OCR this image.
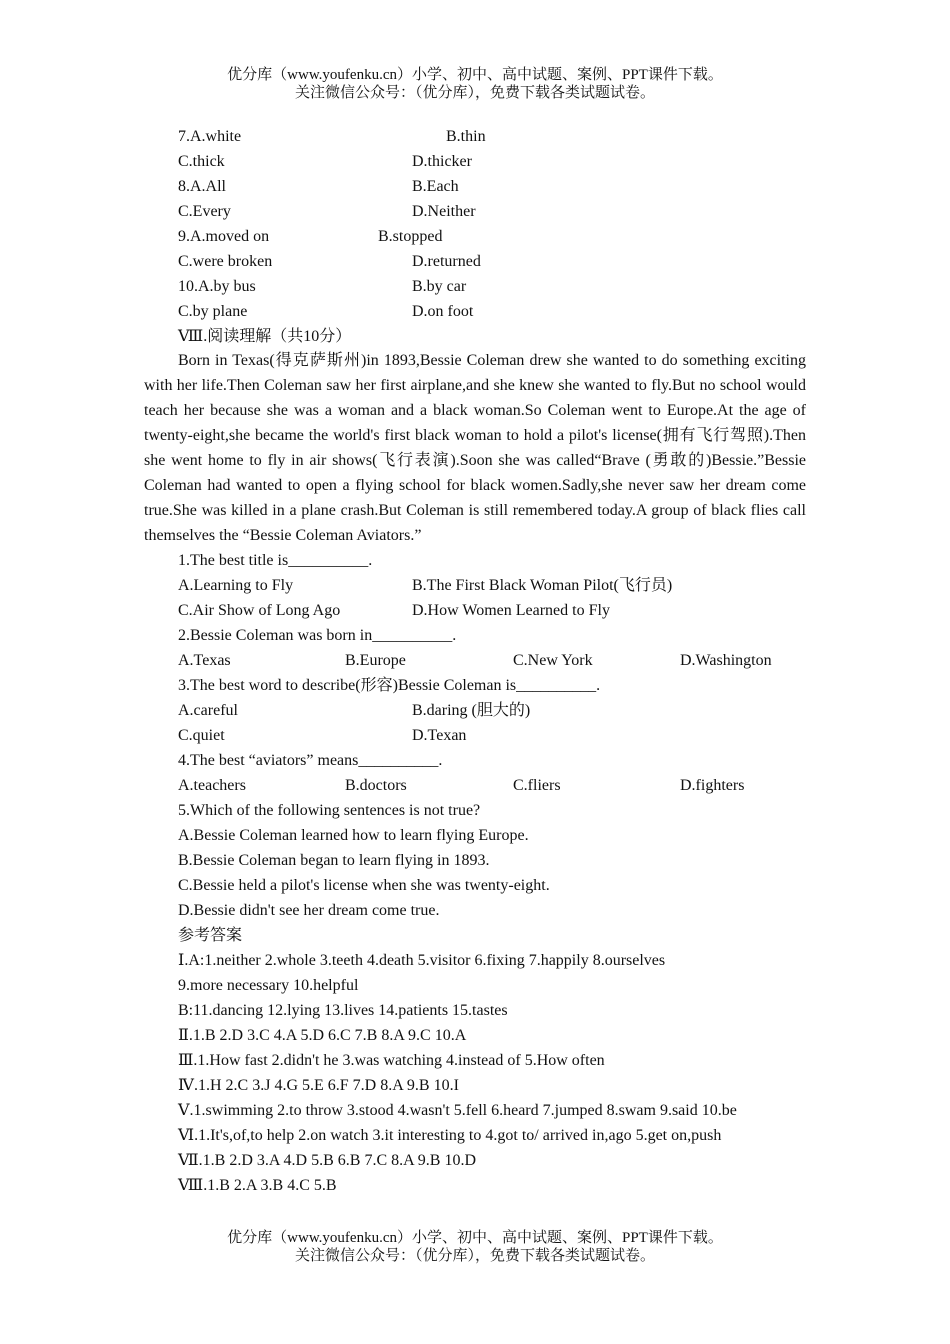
优分库（www.youfenku.cn）小学、初中、高中试题、案例、PPT课件下载。
关注微信公众号：（优分库），免费下载各类试题试卷。
7.A.white	B.thin
C.thick	D.thicker
8.A.All	B.Each
C.Every	D.Neither
9.A.moved on	B.stopped
C.were broken	D.returned
10.A.by bus	B.by car
C.by plane	D.on foot
Ⅷ.阅读理解（共10分）
Born in Texas(得克萨斯州)in 1893,Bessie Coleman drew she wanted to do something exciting with her life.Then Coleman saw her first airplane,and she knew she wanted to fly.But no school would teach her because she was a woman and a black woman.So Coleman went to Europe.At the age of twenty-eight,she became the world's first black woman to hold a pilot's license(拥有飞行驾照).Then she went home to fly in air shows(飞行表演).Soon she was called“Brave (勇敢的)Bessie.”Bessie Coleman had wanted to open a flying school for black women.Sadly,she never saw her dream come true.She was killed in a plane crash.But Coleman is still remembered today.A group of black flies call themselves the “Bessie Coleman Aviators.”
1.The best title is__________.
A.Learning to Fly	B.The First Black Woman Pilot(飞行员)
C.Air Show of Long Ago	D.How Women Learned to Fly
2.Bessie Coleman was born in__________.
A.Texas	B.Europe	C.New York	D.Washington
3.The best word to describe(形容)Bessie Coleman is__________.
A.careful	B.daring (胆大的)
C.quiet	D.Texan
4.The best “aviators” means__________.
A.teachers	B.doctors	C.fliers	D.fighters
5.Which of the following sentences is not true?
A.Bessie Coleman learned how to learn flying Europe.
B.Bessie Coleman began to learn flying in 1893.
C.Bessie held a pilot's license when she was twenty-eight.
D.Bessie didn't see her dream come true.
参考答案
Ⅰ.A:1.neither 2.whole 3.teeth 4.death 5.visitor 6.fixing 7.happily 8.ourselves
9.more necessary 10.helpful
B:11.dancing 12.lying 13.lives 14.patients 15.tastes
Ⅱ.1.B 2.D 3.C 4.A 5.D 6.C 7.B 8.A 9.C 10.A
Ⅲ.1.How fast 2.didn't he 3.was watching 4.instead of 5.How often
Ⅳ.1.H 2.C 3.J 4.G 5.E 6.F 7.D 8.A 9.B 10.I
Ⅴ.1.swimming 2.to throw 3.stood 4.wasn't 5.fell 6.heard 7.jumped 8.swam 9.said 10.be
Ⅵ.1.It's,of,to help 2.on watch 3.it interesting to 4.got to/ arrived in,ago 5.get on,push
Ⅶ.1.B 2.D 3.A 4.D 5.B 6.B 7.C 8.A 9.B 10.D
Ⅷ.1.B 2.A 3.B 4.C 5.B
优分库（www.youfenku.cn）小学、初中、高中试题、案例、PPT课件下载。
关注微信公众号：（优分库），免费下载各类试题试卷。
